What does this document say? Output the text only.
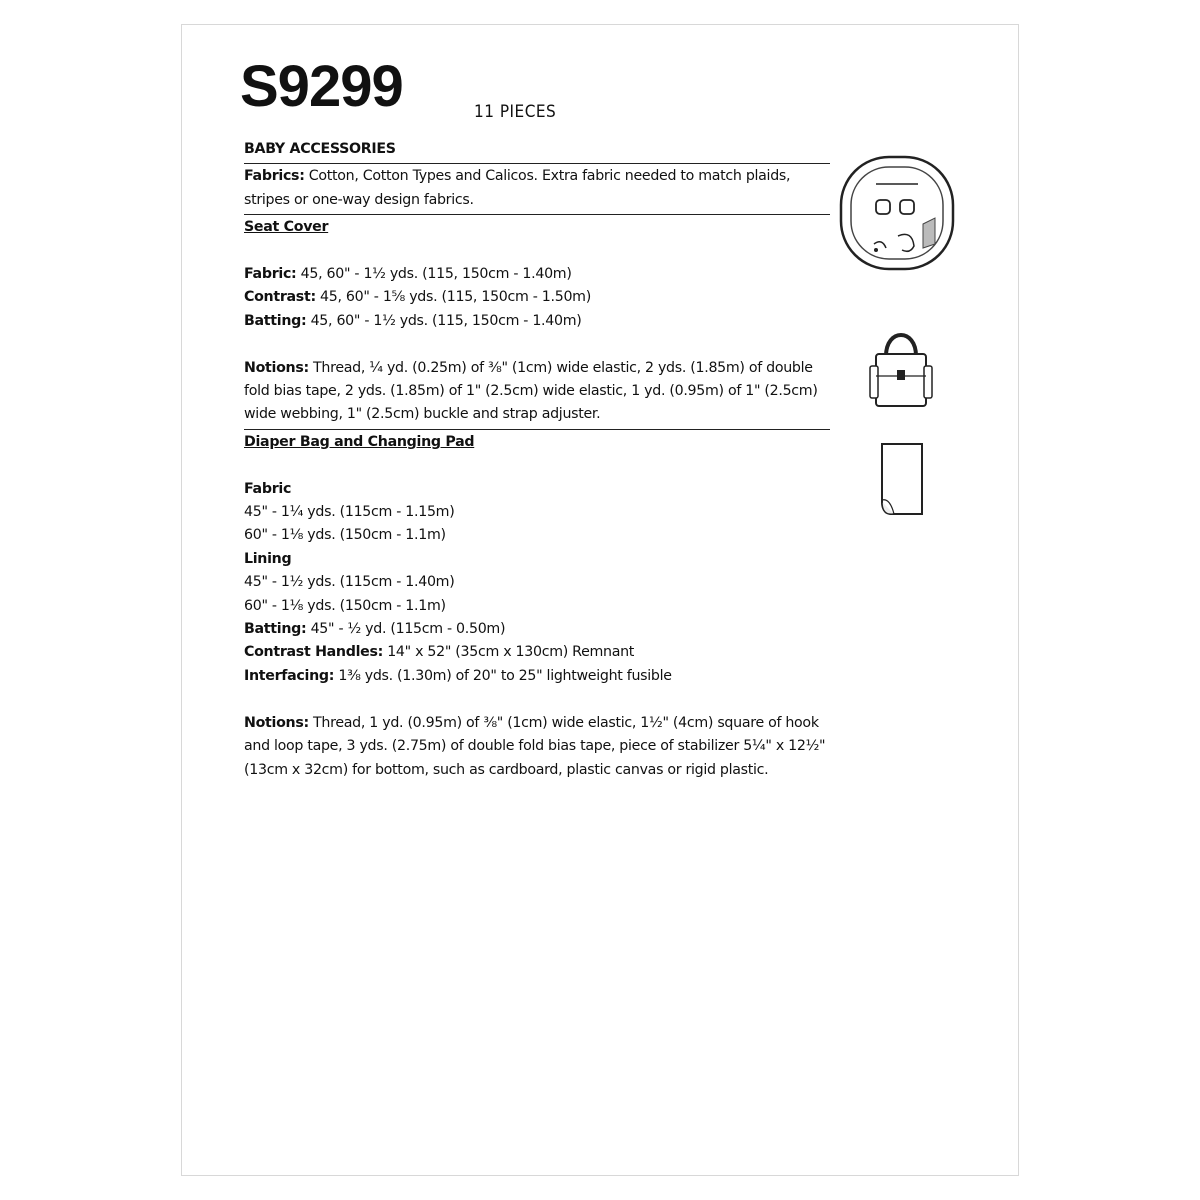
S9299	11 PIECES
BABY ACCESSORIES

Fabrics: Cotton, Cotton Types and Calicos. Extra fabric needed to match plaids, stripes or one-way design fabrics.

Seat Cover
Fabric: 45, 60" - 1½ yds. (115, 150cm - 1.40m)
Contrast: 45, 60" - 1⅝ yds. (115, 150cm - 1.50m)
Batting: 45, 60" - 1½ yds. (115, 150cm - 1.40m)

Notions: Thread, ¼ yd. (0.25m) of ⅜" (1cm) wide elastic, 2 yds. (1.85m) of double fold bias tape, 2 yds. (1.85m) of 1" (2.5cm) wide elastic, 1 yd. (0.95m) of 1" (2.5cm) wide webbing, 1" (2.5cm) buckle and strap adjuster.

Diaper Bag and Changing Pad
Fabric
45" - 1¼ yds. (115cm - 1.15m)
60" - 1⅛ yds. (150cm - 1.1m)
Lining
45" - 1½ yds. (115cm - 1.40m)
60" - 1⅛ yds. (150cm - 1.1m)
Batting: 45" - ½ yd. (115cm - 0.50m)
Contrast Handles: 14" x 52" (35cm x 130cm) Remnant
Interfacing: 1⅜ yds. (1.30m) of 20" to 25" lightweight fusible

Notions: Thread, 1 yd. (0.95m) of ⅜" (1cm) wide elastic, 1½" (4cm) square of hook and loop tape, 3 yds. (2.75m) of double fold bias tape, piece of stabilizer 5¼" x 12½" (13cm x 32cm) for bottom, such as cardboard, plastic canvas or rigid plastic.
